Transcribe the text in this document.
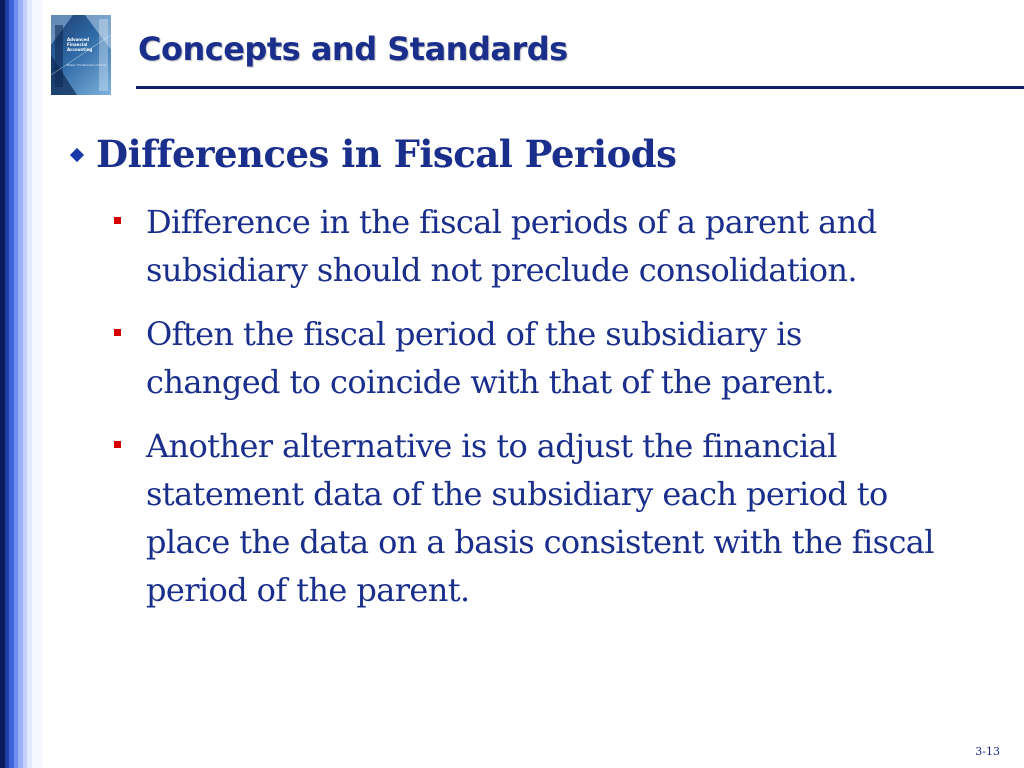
Advanced Financial Accounting
Baker Christensen Cottrell Concepts and Standards
Differences in Fiscal Periods
Difference in the fiscal periods of a parent and subsidiary should not preclude consolidation.
Often the fiscal period of the subsidiary is changed to coincide with that of the parent.
Another alternative is to adjust the financial statement data of the subsidiary each period to place the data on a basis consistent with the fiscal period of the parent.
3-13
